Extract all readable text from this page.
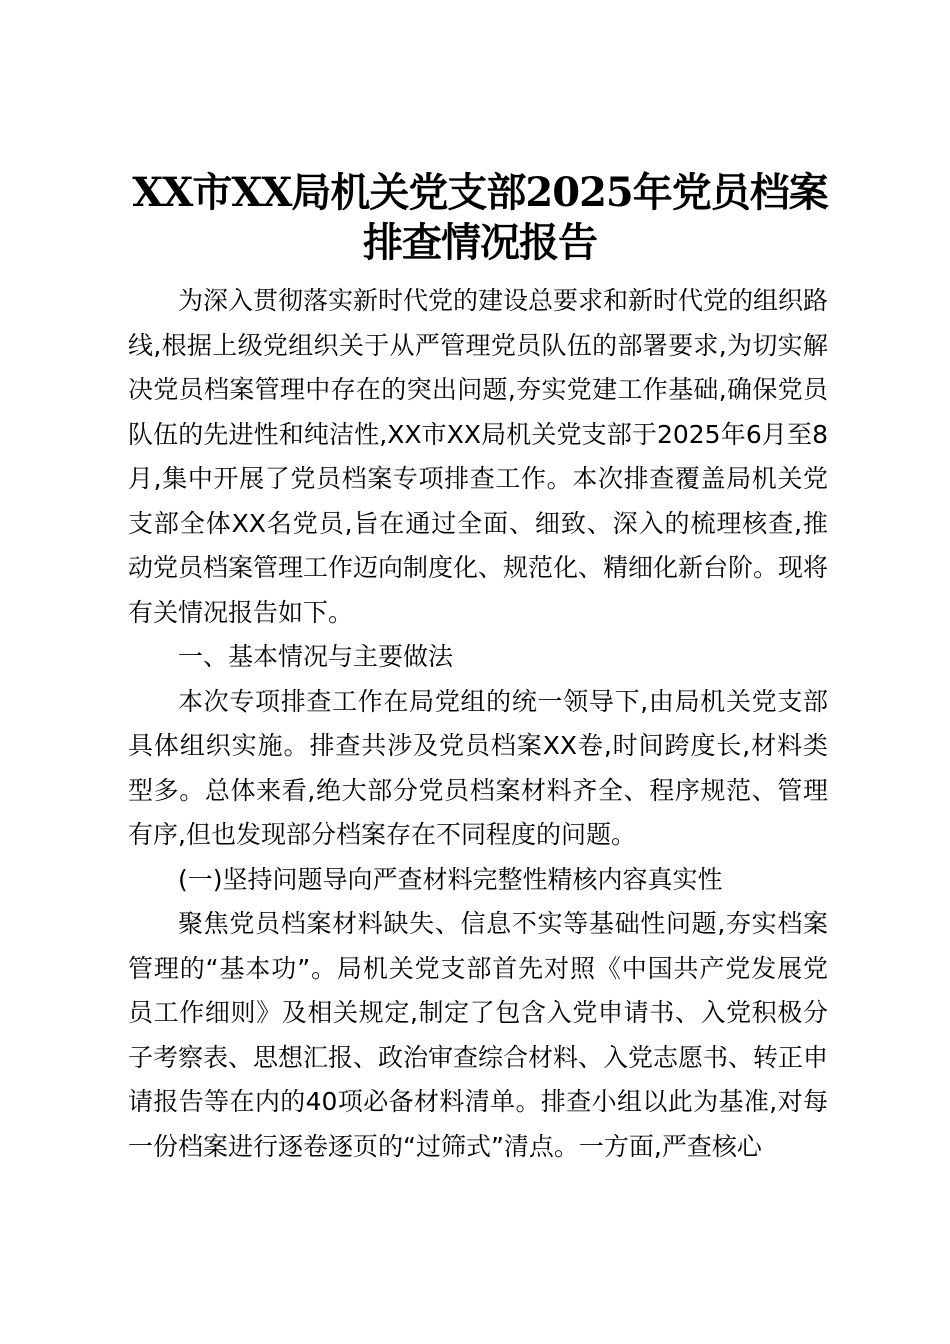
XX市XX局机关党支部2025年党员档案
排查情况报告

为深入贯彻落实新时代党的建设总要求和新时代党的组织路线,根据上级党组织关于从严管理党员队伍的部署要求,为切实解决党员档案管理中存在的突出问题,夯实党建工作基础,确保党员队伍的先进性和纯洁性,XX市XX局机关党支部于2025年6月至8月,集中开展了党员档案专项排查工作。本次排查覆盖局机关党支部全体XX名党员,旨在通过全面、细致、深入的梳理核查,推动党员档案管理工作迈向制度化、规范化、精细化新台阶。现将有关情况报告如下。

一、基本情况与主要做法

本次专项排查工作在局党组的统一领导下,由局机关党支部具体组织实施。排查共涉及党员档案XX卷,时间跨度长,材料类型多。总体来看,绝大部分党员档案材料齐全、程序规范、管理有序,但也发现部分档案存在不同程度的问题。

(一)坚持问题导向严查材料完整性精核内容真实性

聚焦党员档案材料缺失、信息不实等基础性问题,夯实档案管理的“基本功”。局机关党支部首先对照《中国共产党发展党员工作细则》及相关规定,制定了包含入党申请书、入党积极分子考察表、思想汇报、政治审查综合材料、入党志愿书、转正申请报告等在内的40项必备材料清单。排查小组以此为基准,对每一份档案进行逐卷逐页的“过筛式”清点。一方面,严查核心
